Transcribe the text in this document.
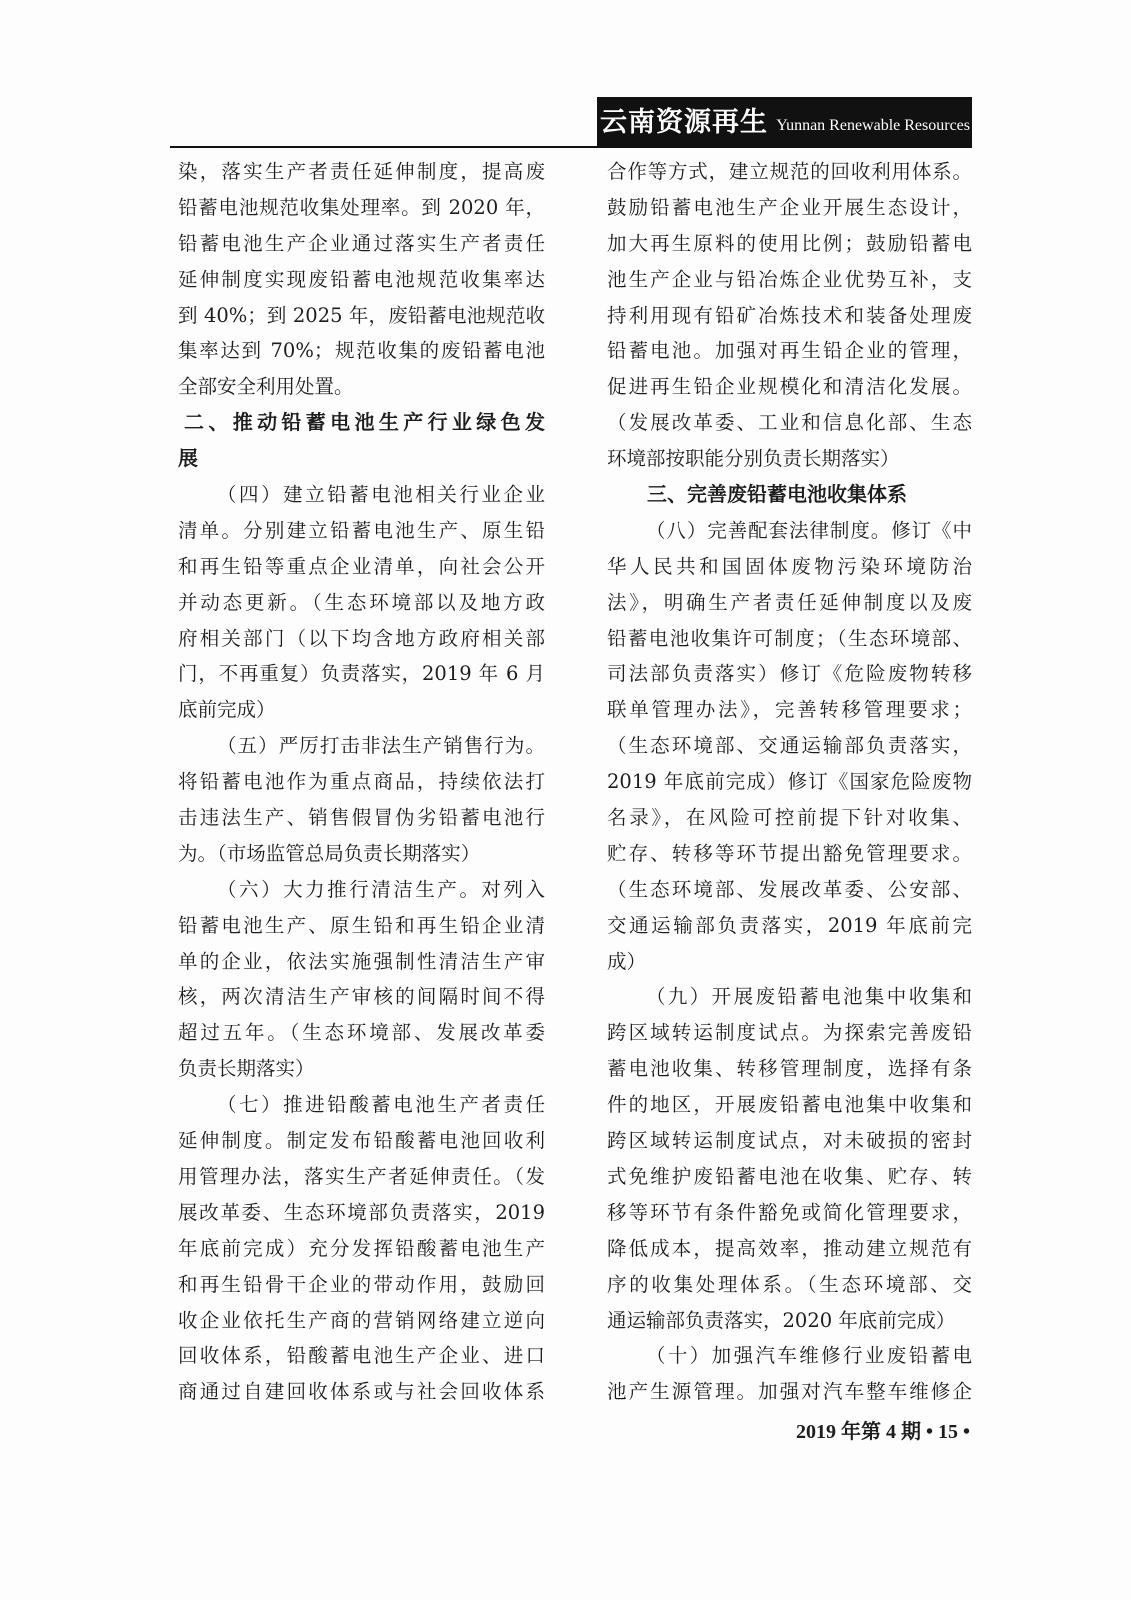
云南资源再生 Yunnan Renewable Resources
染，落实生产者责任延伸制度，提高废
铅蓄电池规范收集处理率。到 2020 年，
铅蓄电池生产企业通过落实生产者责任
延伸制度实现废铅蓄电池规范收集率达
到 40%；到 2025 年，废铅蓄电池规范收
集率达到 70%；规范收集的废铅蓄电池
全部安全利用处置。
二、推动铅蓄电池生产行业绿色发
展
（四）建立铅蓄电池相关行业企业
清单。分别建立铅蓄电池生产、原生铅
和再生铅等重点企业清单，向社会公开
并动态更新。（生态环境部以及地方政
府相关部门（以下均含地方政府相关部
门，不再重复）负责落实，2019 年 6 月
底前完成）
（五）严厉打击非法生产销售行为。
将铅蓄电池作为重点商品，持续依法打
击违法生产、销售假冒伪劣铅蓄电池行
为。（市场监管总局负责长期落实）
（六）大力推行清洁生产。对列入
铅蓄电池生产、原生铅和再生铅企业清
单的企业，依法实施强制性清洁生产审
核，两次清洁生产审核的间隔时间不得
超过五年。（生态环境部、发展改革委
负责长期落实）
（七）推进铅酸蓄电池生产者责任
延伸制度。制定发布铅酸蓄电池回收利
用管理办法，落实生产者延伸责任。（发
展改革委、生态环境部负责落实，2019
年底前完成）充分发挥铅酸蓄电池生产
和再生铅骨干企业的带动作用，鼓励回
收企业依托生产商的营销网络建立逆向
回收体系，铅酸蓄电池生产企业、进口
商通过自建回收体系或与社会回收体系
合作等方式，建立规范的回收利用体系。
鼓励铅蓄电池生产企业开展生态设计，
加大再生原料的使用比例；鼓励铅蓄电
池生产企业与铅冶炼企业优势互补，支
持利用现有铅矿冶炼技术和装备处理废
铅蓄电池。加强对再生铅企业的管理，
促进再生铅企业规模化和清洁化发展。
（发展改革委、工业和信息化部、生态
环境部按职能分别负责长期落实）
三、完善废铅蓄电池收集体系
（八）完善配套法律制度。修订《中
华人民共和国固体废物污染环境防治
法》，明确生产者责任延伸制度以及废
铅蓄电池收集许可制度；（生态环境部、
司法部负责落实）修订《危险废物转移
联单管理办法》，完善转移管理要求；
（生态环境部、交通运输部负责落实，
2019 年底前完成）修订《国家危险废物
名录》，在风险可控前提下针对收集、
贮存、转移等环节提出豁免管理要求。
（生态环境部、发展改革委、公安部、
交通运输部负责落实，2019 年底前完
成）
（九）开展废铅蓄电池集中收集和
跨区域转运制度试点。为探索完善废铅
蓄电池收集、转移管理制度，选择有条
件的地区，开展废铅蓄电池集中收集和
跨区域转运制度试点，对未破损的密封
式免维护废铅蓄电池在收集、贮存、转
移等环节有条件豁免或简化管理要求，
降低成本，提高效率，推动建立规范有
序的收集处理体系。（生态环境部、交
通运输部负责落实，2020 年底前完成）
（十）加强汽车维修行业废铅蓄电
池产生源管理。加强对汽车整车维修企
2019 年第 4 期 • 15 •
